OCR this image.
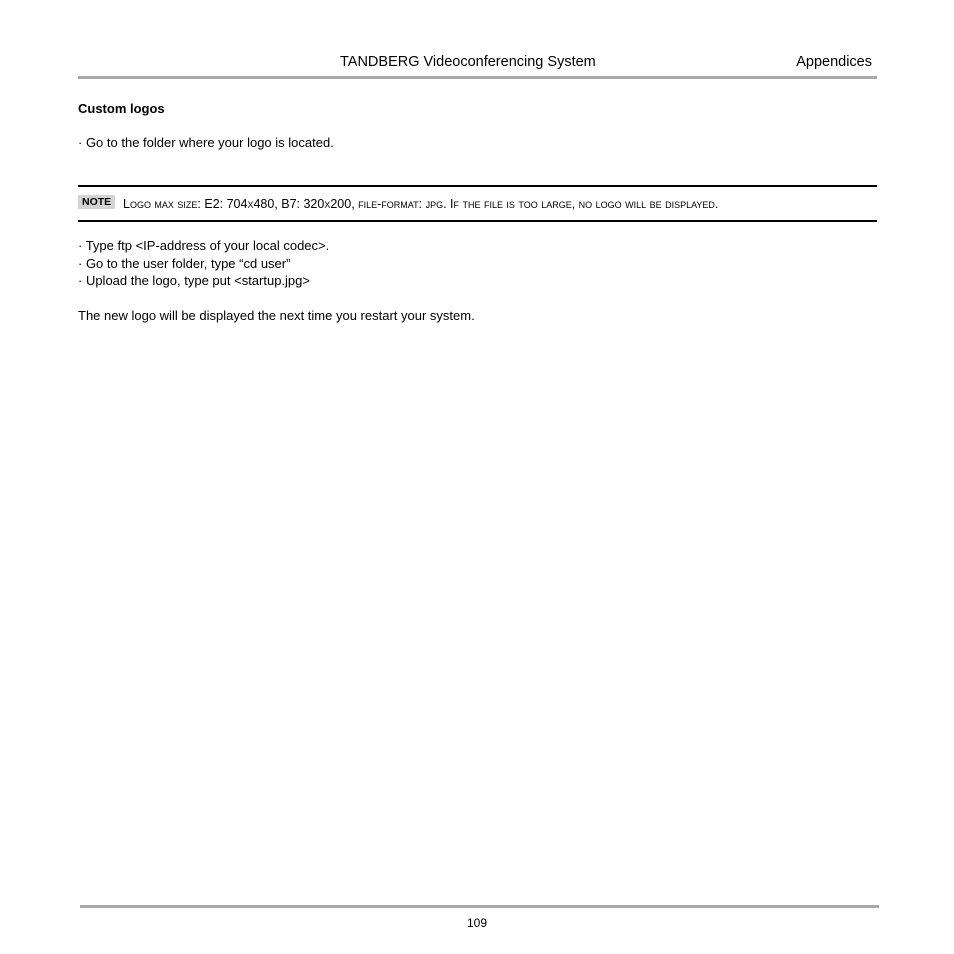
TANDBERG Videoconferencing System	Appendices
Custom logos
· Go to the folder where your logo is located.
NOTE Logo max size: E2: 704x480, B7: 320x200, file-format: jpg. If the file is too large, no logo will be displayed.
· Type ftp <IP-address of your local codec>.
· Go to the user folder, type “cd user”
· Upload the logo, type put <startup.jpg>
The new logo will be displayed the next time you restart your system.
109
